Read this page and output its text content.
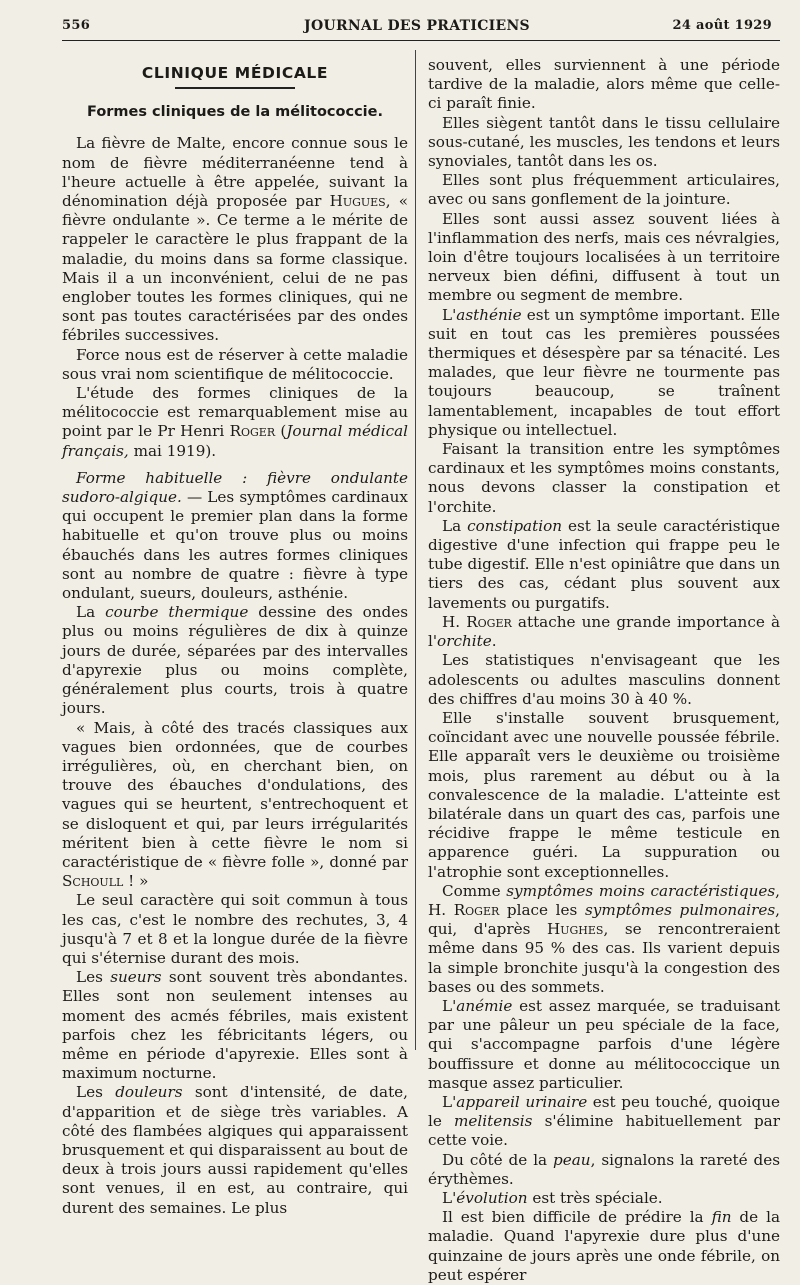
556	JOURNAL DES PRATICIENS	24 août 1929
CLINIQUE MÉDICALE
Formes cliniques de la mélitococcie.

La fièvre de Malte, encore connue sous le nom de fièvre méditerranéenne tend à l'heure actuelle à être appelée, suivant la dénomination déjà proposée par Hugues, « fièvre ondulante ». Ce terme a le mérite de rappeler le caractère le plus frappant de la maladie, du moins dans sa forme classique. Mais il a un inconvénient, celui de ne pas englober toutes les formes cliniques, qui ne sont pas toutes caractérisées par des ondes fébriles successives.

Force nous est de réserver à cette maladie sous vrai nom scientifique de mélitococcie.

L'étude des formes cliniques de la mélitococcie est remarquablement mise au point par le Pr Henri Roger (Journal médical français, mai 1919).

Forme habituelle : fièvre ondulante sudoro-algique. — Les symptômes cardinaux qui occupent le premier plan dans la forme habituelle et qu'on trouve plus ou moins ébauchés dans les autres formes cliniques sont au nombre de quatre : fièvre à type ondulant, sueurs, douleurs, asthénie.

La courbe thermique dessine des ondes plus ou moins régulières de dix à quinze jours de durée, séparées par des intervalles d'apyrexie plus ou moins complète, généralement plus courts, trois à quatre jours.

« Mais, à côté des tracés classiques aux vagues bien ordonnées, que de courbes irrégulières, où, en cherchant bien, on trouve des ébauches d'ondulations, des vagues qui se heurtent, s'entrechoquent et se disloquent et qui, par leurs irrégularités méritent bien à cette fièvre le nom si caractéristique de « fièvre folle », donné par Schoull ! »

Le seul caractère qui soit commun à tous les cas, c'est le nombre des rechutes, 3, 4 jusqu'à 7 et 8 et la longue durée de la fièvre qui s'éternise durant des mois.

Les sueurs sont souvent très abondantes. Elles sont non seulement intenses au moment des acmés fébriles, mais existent parfois chez les fébricitants légers, ou même en période d'apyrexie. Elles sont à maximum nocturne.

Les douleurs sont d'intensité, de date, d'apparition et de siège très variables. A côté des flambées algiques qui apparaissent brusquement et qui disparaissent au bout de deux à trois jours aussi rapidement qu'elles sont venues, il en est, au contraire, qui durent des semaines. Le plus

souvent, elles surviennent à une période tardive de la maladie, alors même que celle-ci paraît finie.

Elles siègent tantôt dans le tissu cellulaire sous-cutané, les muscles, les tendons et leurs synoviales, tantôt dans les os.

Elles sont plus fréquemment articulaires, avec ou sans gonflement de la jointure.

Elles sont aussi assez souvent liées à l'inflammation des nerfs, mais ces névralgies, loin d'être toujours localisées à un territoire nerveux bien défini, diffusent à tout un membre ou segment de membre.

L'asthénie est un symptôme important. Elle suit en tout cas les premières poussées thermiques et désespère par sa ténacité. Les malades, que leur fièvre ne tourmente pas toujours beaucoup, se traînent lamentablement, incapables de tout effort physique ou intellectuel.

Faisant la transition entre les symptômes cardinaux et les symptômes moins constants, nous devons classer la constipation et l'orchite.

La constipation est la seule caractéristique digestive d'une infection qui frappe peu le tube digestif. Elle n'est opiniâtre que dans un tiers des cas, cédant plus souvent aux lavements ou purgatifs.

H. Roger attache une grande importance à l'orchite.

Les statistiques n'envisageant que les adolescents ou adultes masculins donnent des chiffres d'au moins 30 à 40 %.

Elle s'installe souvent brusquement, coïncidant avec une nouvelle poussée fébrile. Elle apparaît vers le deuxième ou troisième mois, plus rarement au début ou à la convalescence de la maladie. L'atteinte est bilatérale dans un quart des cas, parfois une récidive frappe le même testicule en apparence guéri. La suppuration ou l'atrophie sont exceptionnelles.

Comme symptômes moins caractéristiques, H. Roger place les symptômes pulmonaires, qui, d'après Hughes, se rencontreraient même dans 95 % des cas. Ils varient depuis la simple bronchite jusqu'à la congestion des bases ou des sommets.

L'anémie est assez marquée, se traduisant par une pâleur un peu spéciale de la face, qui s'accompagne parfois d'une légère bouffissure et donne au mélitococcique un masque assez particulier.

L'appareil urinaire est peu touché, quoique le melitensis s'élimine habituellement par cette voie.

Du côté de la peau, signalons la rareté des érythèmes.

L'évolution est très spéciale.

Il est bien difficile de prédire la fin de la maladie. Quand l'apyrexie dure plus d'une quinzaine de jours après une onde fébrile, on peut espérer
